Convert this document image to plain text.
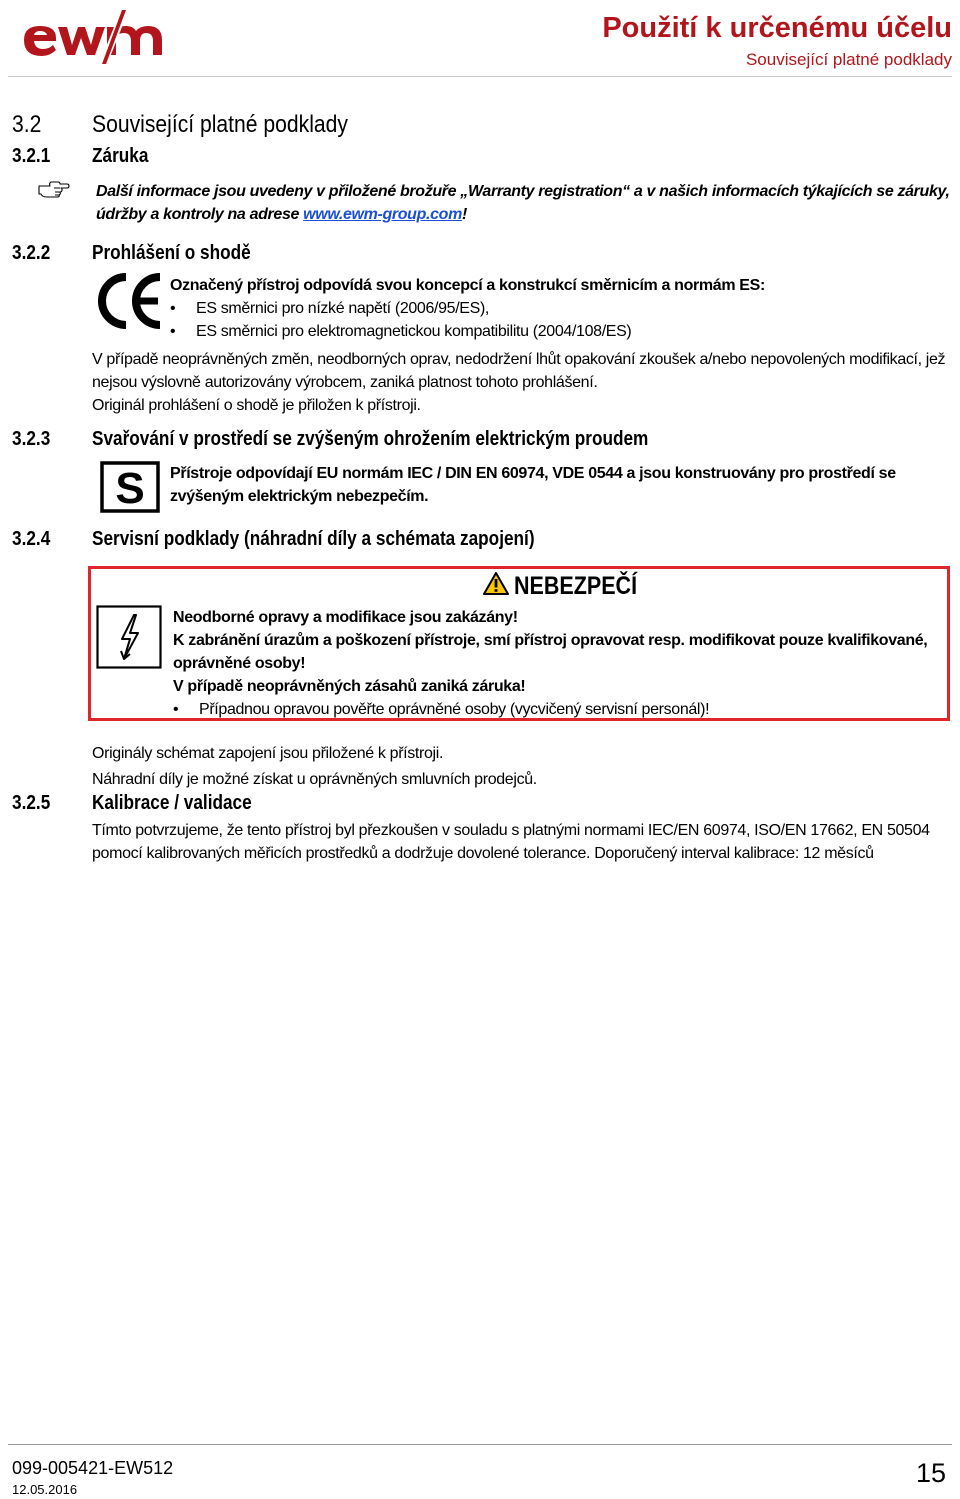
Použití k určenému účelu
Související platné podklady
3.2 Související platné podklady
3.2.1 Záruka
Další informace jsou uvedeny v přiložené brožuře „Warranty registration“ a v našich informacích týkajících se záruky,
údržby a kontroly na adrese www.ewm-group.com!
3.2.2 Prohlášení o shodě
Označený přístroj odpovídá svou koncepcí a konstrukcí směrnicím a normám ES:
• ES směrnici pro nízké napětí (2006/95/ES),
• ES směrnici pro elektromagnetickou kompatibilitu (2004/108/ES)
V případě neoprávněných změn, neodborných oprav, nedodržení lhůt opakování zkoušek a/nebo nepovolených modifikací, jež
nejsou výslovně autorizovány výrobcem, zaniká platnost tohoto prohlášení.
Originál prohlášení o shodě je přiložen k přístroji.
3.2.3 Svařování v prostředí se zvýšeným ohrožením elektrickým proudem
S Přístroje odpovídají EU normám IEC / DIN EN 60974, VDE 0544 a jsou konstruovány pro prostředí se
zvýšeným elektrickým nebezpečím.
3.2.4 Servisní podklady (náhradní díly a schémata zapojení)
NEBEZPEČÍ
Neodborné opravy a modifikace jsou zakázány!
K zabránění úrazům a poškození přístroje, smí přístroj opravovat resp. modifikovat pouze kvalifikované,
oprávněné osoby!
V případě neoprávněných zásahů zaniká záruka!
• Případnou opravou pověřte oprávněné osoby (vycvičený servisní personál)!
Originály schémat zapojení jsou přiložené k přístroji.
Náhradní díly je možné získat u oprávněných smluvních prodejců.
3.2.5 Kalibrace / validace
Tímto potvrzujeme, že tento přístroj byl přezkoušen v souladu s platnými normami IEC/EN 60974, ISO/EN 17662, EN 50504
pomocí kalibrovaných měřicích prostředků a dodržuje dovolené tolerance. Doporučený interval kalibrace: 12 měsíců
099-005421-EW512
12.05.2016
15
